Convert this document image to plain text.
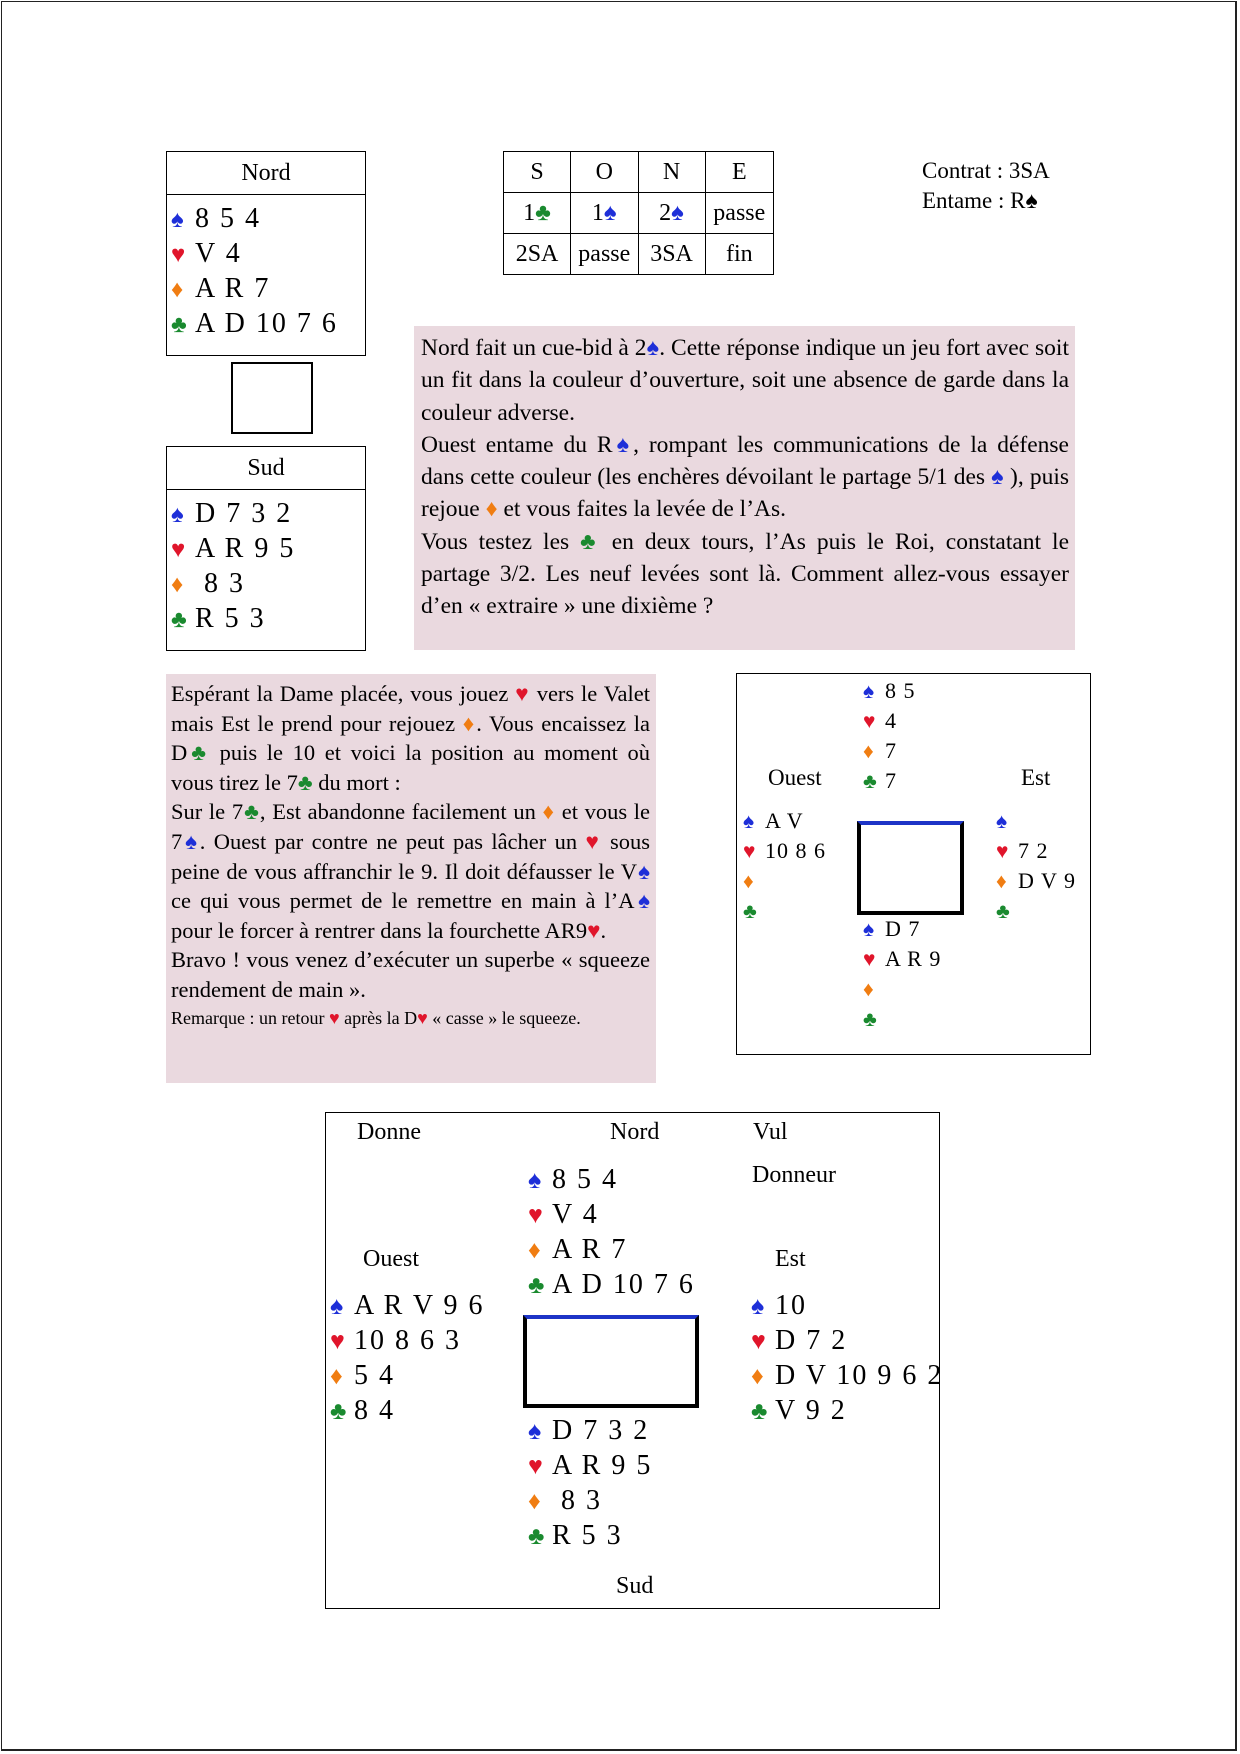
Nord
♠ 8 5 4
♥ V 4
♦ A R 7
♣ A D 10 7 6
Sud
♠ D 7 3 2
♥ A R 9 5
♦ 8 3
♣ R 5 3
S	O	N	E
1♣	1♠	2♠	passe
2SA	passe	3SA	fin
Contrat : 3SA
Entame : R♠

Nord fait un cue-bid à 2♠. Cette réponse indique un jeu fort avec soit un fit dans la couleur d’ouverture, soit une absence de garde dans la couleur adverse.

Ouest entame du R♠, rompant les communications de la défense dans cette couleur (les enchères dévoilant le partage 5/1 des ♠ ), puis rejoue ♦ et vous faites la levée de l’As.

Vous testez les ♣ en deux tours, l’As puis le Roi, constatant le partage 3/2. Les neuf levées sont là. Comment allez-vous essayer d’en « extraire » une dixième ?

Espérant la Dame placée, vous jouez ♥ vers le Valet mais Est le prend pour rejouez ♦. Vous encaissez la D♣ puis le 10 et voici la position au moment où vous tirez le 7♣ du mort :

Sur le 7♣, Est abandonne facilement un ♦ et vous le 7♠. Ouest par contre ne peut pas lâcher un ♥ sous peine de vous affranchir le 9. Il doit défausser le V♠ ce qui vous permet de le remettre en main à l’A♠ pour le forcer à rentrer dans la fourchette AR9♥.

Bravo ! vous venez d’exécuter un superbe « squeeze rendement de main ».

Remarque : un retour ♥ après la D♥ « casse » le squeeze.

♠ 8 5
♥ 4
♦ 7
♣ 7
Ouest	Est
♠ A V
♥ 10 8 6
♦
♣
♠
♥ 7 2
♦ D V 9
♣
♠ D 7
♥ A R 9
♦
♣
Donne	Nord	Vul
Donneur
♠ 8 5 4
♥ V 4
♦ A R 7
♣ A D 10 7 6
Ouest	Est
♠ A R V 9 6
♥ 10 8 6 3
♦ 5 4
♣ 8 4
♠ 10
♥ D 7 2
♦ D V 10 9 6 2
♣ V 9 2
♠ D 7 3 2
♥ A R 9 5
♦ 8 3
♣ R 5 3
Sud
